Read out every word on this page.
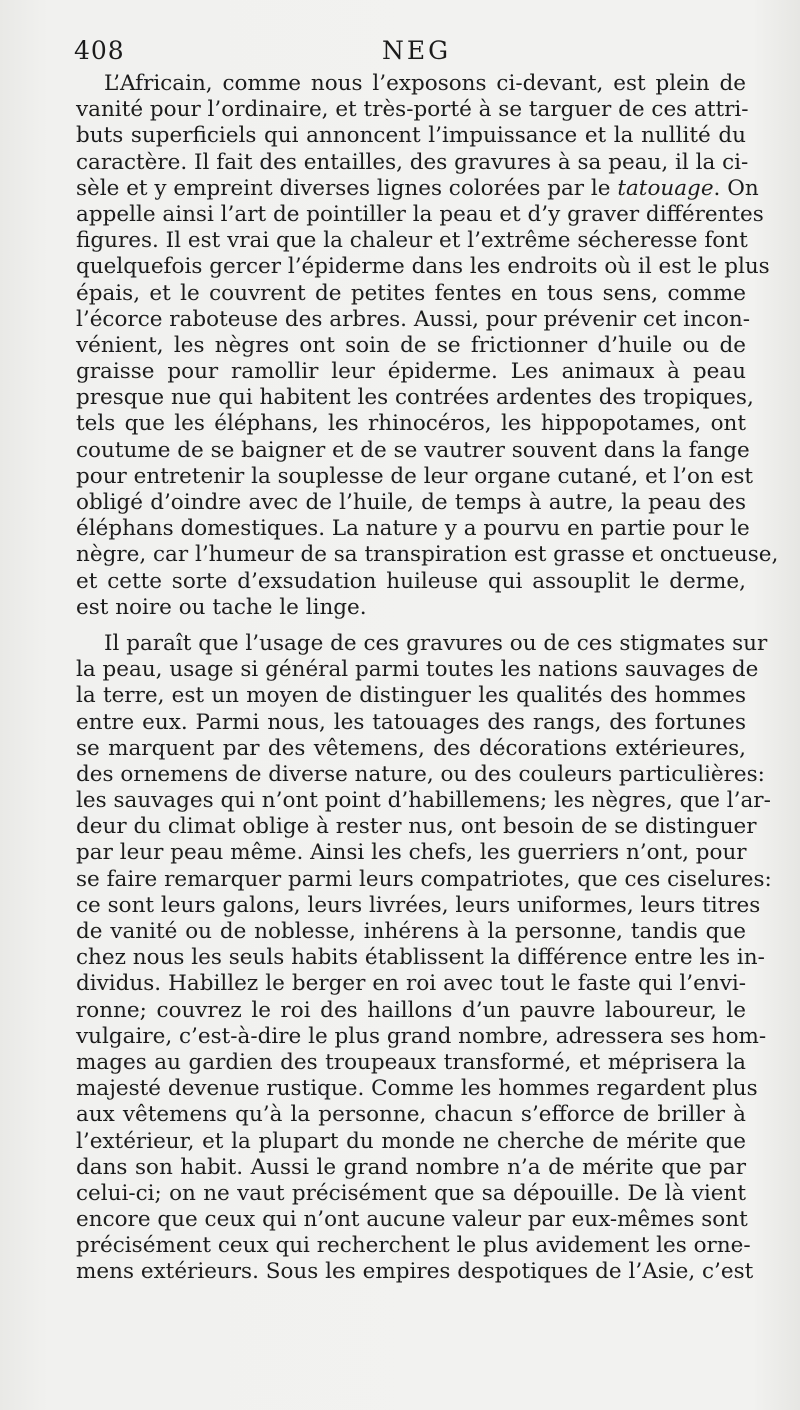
408	NEG
L’Africain, comme nous l’exposons ci-devant, est plein de
vanité pour l’ordinaire, et très-porté à se targuer de ces attri-
buts superficiels qui annoncent l’impuissance et la nullité du
caractère. Il fait des entailles, des gravures à sa peau, il la ci-
sèle et y empreint diverses lignes colorées par le tatouage. On
appelle ainsi l’art de pointiller la peau et d’y graver différentes
figures. Il est vrai que la chaleur et l’extrême sécheresse font
quelquefois gercer l’épiderme dans les endroits où il est le plus
épais, et le couvrent de petites fentes en tous sens, comme
l’écorce raboteuse des arbres. Aussi, pour prévenir cet incon-
vénient, les nègres ont soin de se frictionner d’huile ou de
graisse pour ramollir leur épiderme. Les animaux à peau
presque nue qui habitent les contrées ardentes des tropiques,
tels que les éléphans, les rhinocéros, les hippopotames, ont
coutume de se baigner et de se vautrer souvent dans la fange
pour entretenir la souplesse de leur organe cutané, et l’on est
obligé d’oindre avec de l’huile, de temps à autre, la peau des
éléphans domestiques. La nature y a pourvu en partie pour le
nègre, car l’humeur de sa transpiration est grasse et onctueuse,
et cette sorte d’exsudation huileuse qui assouplit le derme,
est noire ou tache le linge.
Il paraît que l’usage de ces gravures ou de ces stigmates sur
la peau, usage si général parmi toutes les nations sauvages de
la terre, est un moyen de distinguer les qualités des hommes
entre eux. Parmi nous, les tatouages des rangs, des fortunes
se marquent par des vêtemens, des décorations extérieures,
des ornemens de diverse nature, ou des couleurs particulières:
les sauvages qui n’ont point d’habillemens; les nègres, que l’ar-
deur du climat oblige à rester nus, ont besoin de se distinguer
par leur peau même. Ainsi les chefs, les guerriers n’ont, pour
se faire remarquer parmi leurs compatriotes, que ces ciselures:
ce sont leurs galons, leurs livrées, leurs uniformes, leurs titres
de vanité ou de noblesse, inhérens à la personne, tandis que
chez nous les seuls habits établissent la différence entre les in-
dividus. Habillez le berger en roi avec tout le faste qui l’envi-
ronne; couvrez le roi des haillons d’un pauvre laboureur, le
vulgaire, c’est-à-dire le plus grand nombre, adressera ses hom-
mages au gardien des troupeaux transformé, et méprisera la
majesté devenue rustique. Comme les hommes regardent plus
aux vêtemens qu’à la personne, chacun s’efforce de briller à
l’extérieur, et la plupart du monde ne cherche de mérite que
dans son habit. Aussi le grand nombre n’a de mérite que par
celui-ci; on ne vaut précisément que sa dépouille. De là vient
encore que ceux qui n’ont aucune valeur par eux-mêmes sont
précisément ceux qui recherchent le plus avidement les orne-
mens extérieurs. Sous les empires despotiques de l’Asie, c’est
